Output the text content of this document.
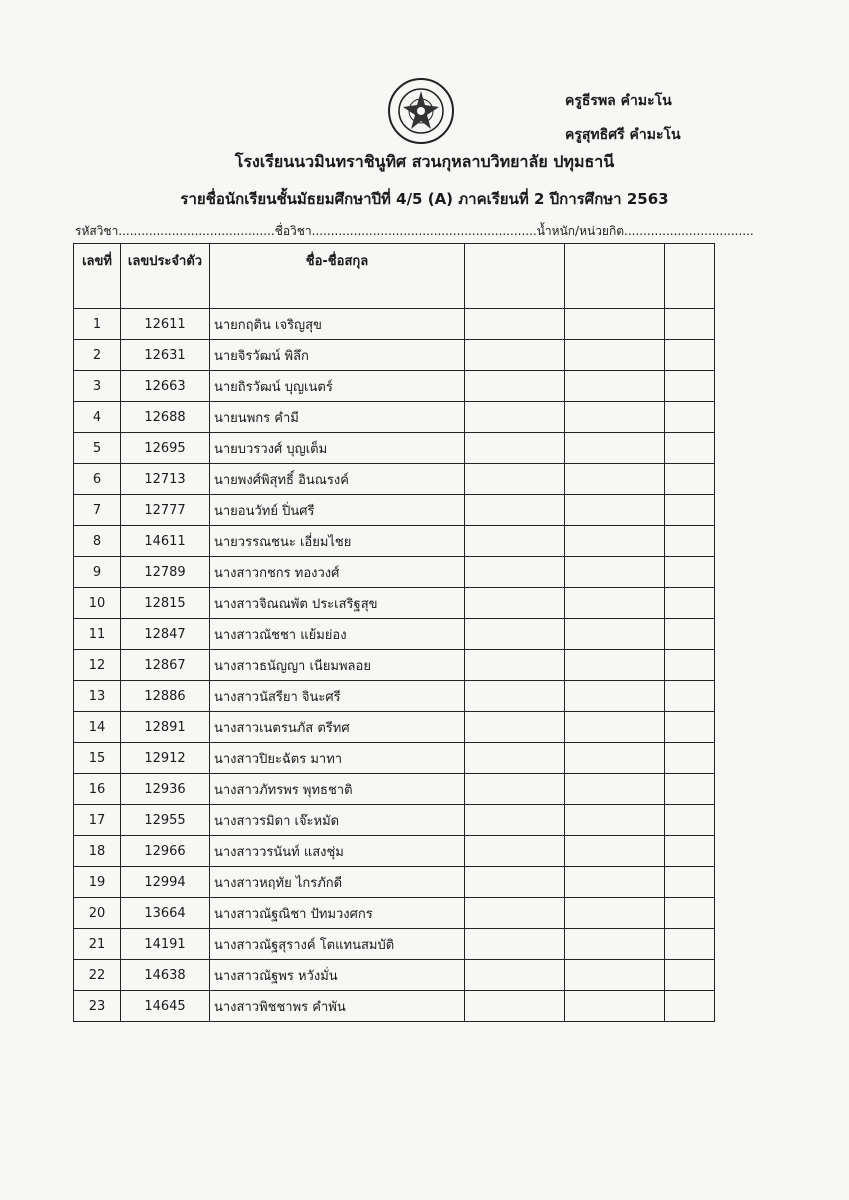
ครูธีรพล คำมะโน
ครูสุทธิศรี คำมะโน
โรงเรียนนวมินทราชินูทิศ สวนกุหลาบวิทยาลัย ปทุมธานี
รายชื่อนักเรียนชั้นมัธยมศึกษาปีที่ 4/5 (A) ภาคเรียนที่ 2 ปีการศึกษา 2563
รหัสวิชา.........................................ชื่อวิชา...........................................................น้ำหนัก/หน่วยกิต..................................
เลขที่	เลขประจำตัว	ชื่อ-ชื่อสกุล			
1	12611	นายกฤติน เจริญสุข			
2	12631	นายจิรวัฒน์ พิลึก			
3	12663	นายถิรวัฒน์ บุญเนตร์			
4	12688	นายนพกร คำมี			
5	12695	นายบวรวงศ์ บุญเต็ม			
6	12713	นายพงศ์พิสุทธิ์ อินณรงค์			
7	12777	นายอนวัทย์ ปิ่นศรี			
8	14611	นายวรรณชนะ เอี่ยมไชย			
9	12789	นางสาวกชกร ทองวงศ์			
10	12815	นางสาวจิณณพัต ประเสริฐสุข			
11	12847	นางสาวณัชชา แย้มย่อง			
12	12867	นางสาวธนัญญา เนียมพลอย			
13	12886	นางสาวนัสรียา จินะศรี			
14	12891	นางสาวเนตรนภัส ตรีทศ			
15	12912	นางสาวปิยะฉัตร มาทา			
16	12936	นางสาวภัทรพร พุทธชาติ			
17	12955	นางสาวรมิดา เจ๊ะหมัด			
18	12966	นางสาววรนันท์ แสงชุ่ม			
19	12994	นางสาวหฤทัย ไกรภักดี			
20	13664	นางสาวณัฐณิชา ปัทมวงศกร			
21	14191	นางสาวณัฐสุรางค์ โตแทนสมบัติ			
22	14638	นางสาวณัฐพร หวังมั่น			
23	14645	นางสาวพิชชาพร คำพัน			
